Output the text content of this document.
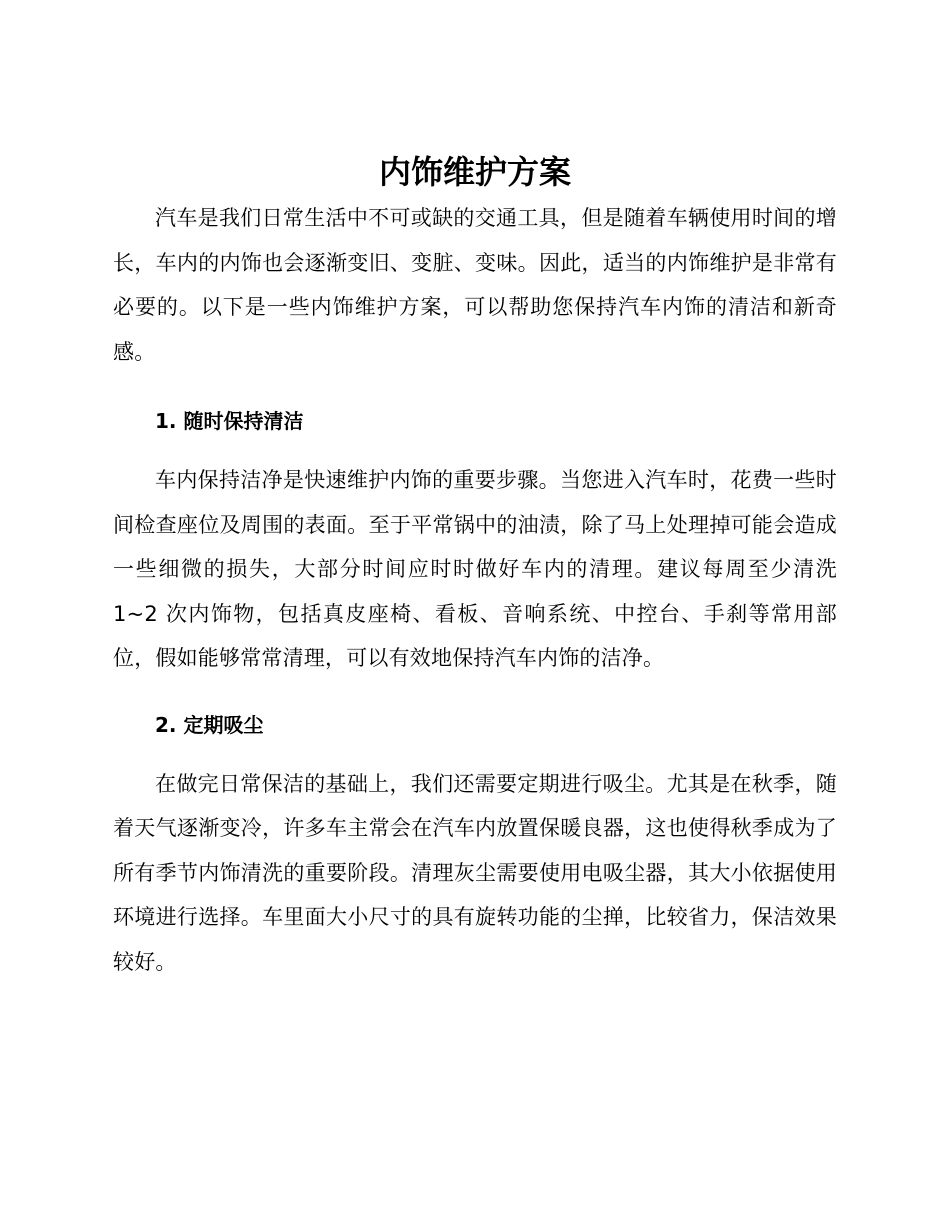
内饰维护方案

汽车是我们日常生活中不可或缺的交通工具，但是随着车辆使用时间的增长，车内的内饰也会逐渐变旧、变脏、变味。因此，适当的内饰维护是非常有必要的。以下是一些内饰维护方案，可以帮助您保持汽车内饰的清洁和新奇感。

1. 随时保持清洁

车内保持洁净是快速维护内饰的重要步骤。当您进入汽车时，花费一些时间检查座位及周围的表面。至于平常锅中的油渍，除了马上处理掉可能会造成一些细微的损失，大部分时间应时时做好车内的清理。建议每周至少清洗 1~2 次内饰物，包括真皮座椅、看板、音响系统、中控台、手刹等常用部位，假如能够常常清理，可以有效地保持汽车内饰的洁净。

2. 定期吸尘

在做完日常保洁的基础上，我们还需要定期进行吸尘。尤其是在秋季，随着天气逐渐变冷，许多车主常会在汽车内放置保暖良器，这也使得秋季成为了所有季节内饰清洗的重要阶段。清理灰尘需要使用电吸尘器，其大小依据使用环境进行选择。车里面大小尺寸的具有旋转功能的尘掸，比较省力，保洁效果较好。
